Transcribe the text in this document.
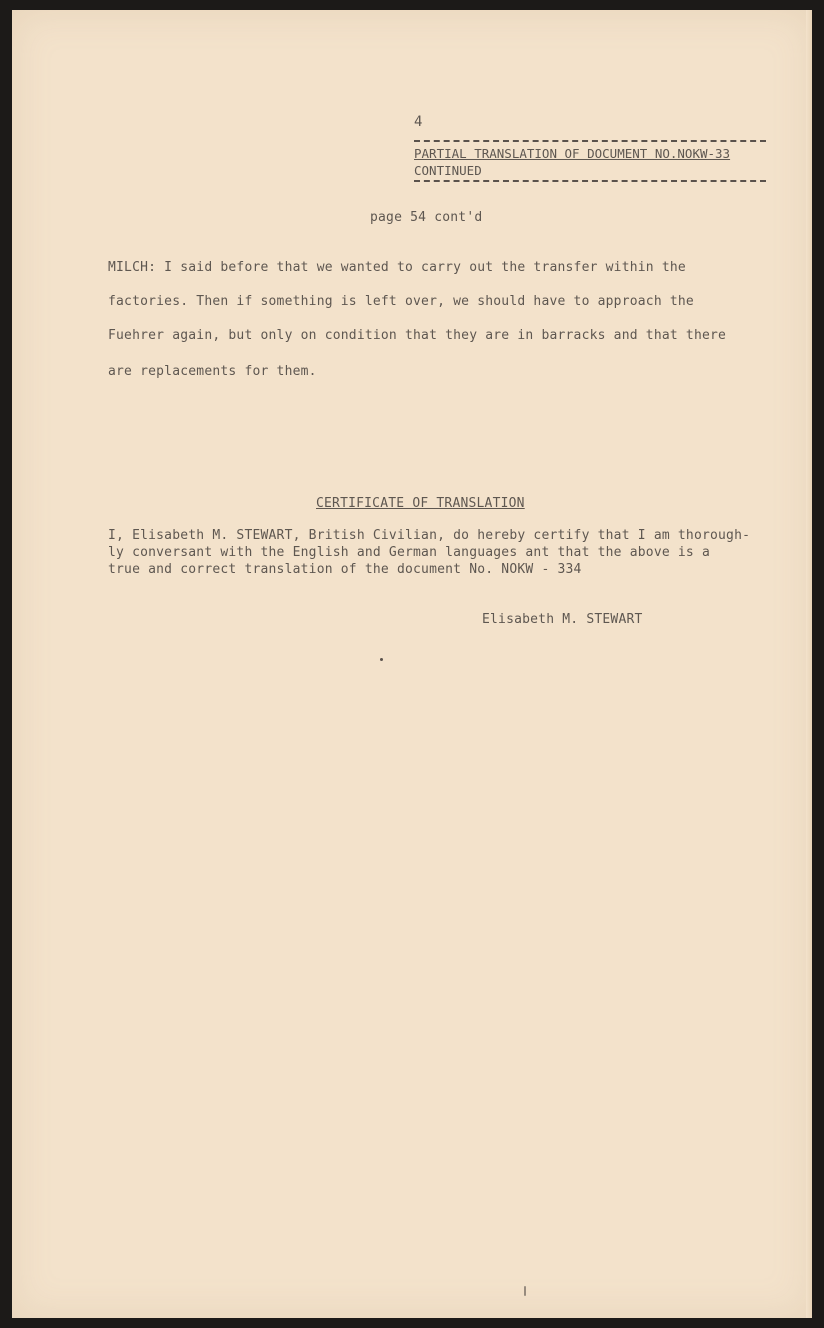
4
PARTIAL TRANSLATION OF DOCUMENT NO.NOKW-33
CONTINUED
page 54 cont'd
MILCH: I said before that we wanted to carry out the transfer within the
factories. Then if something is left over, we should have to approach the
Fuehrer again, but only on condition that they are in barracks and that there
are replacements for them.
CERTIFICATE OF TRANSLATION
I, Elisabeth M. STEWART, British Civilian, do hereby certify that I am thorough-
ly conversant with the English and German languages ant that the above is a
true and correct translation of the document No. NOKW - 334
Elisabeth M. STEWART
